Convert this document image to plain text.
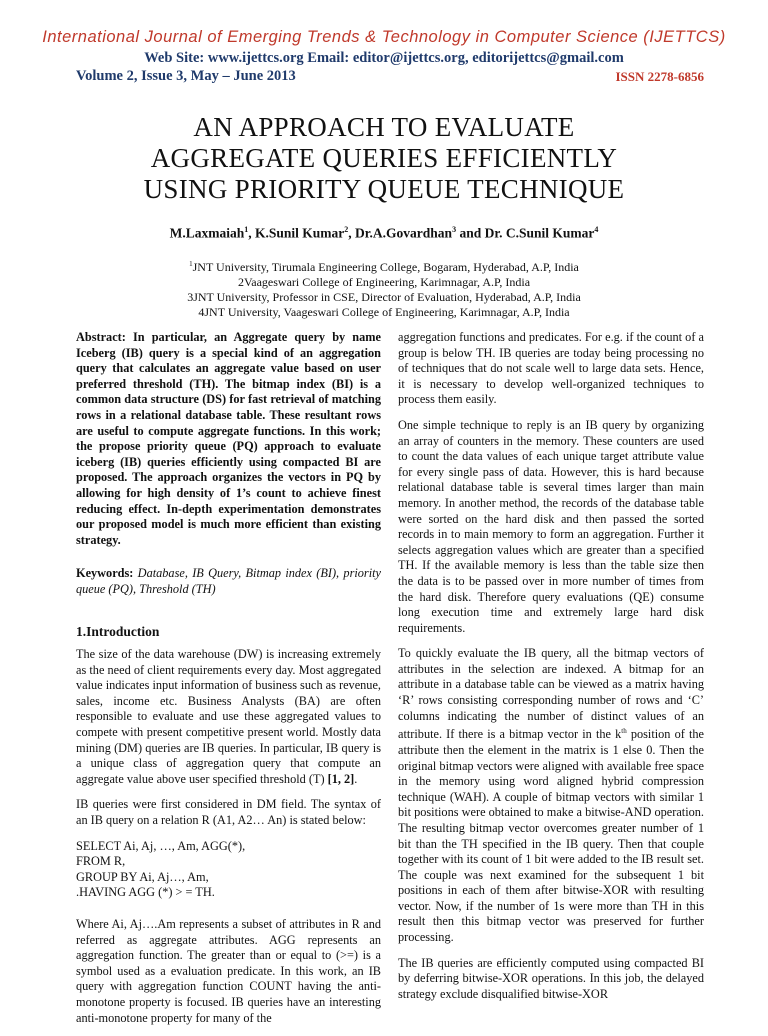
International Journal of Emerging Trends & Technology in Computer Science (IJETTCS)
Web Site: www.ijettcs.org Email: editor@ijettcs.org, editorijettcs@gmail.com
Volume 2, Issue 3, May – June 2013	ISSN 2278-6856
AN APPROACH TO EVALUATE
AGGREGATE QUERIES EFFICIENTLY
USING PRIORITY QUEUE TECHNIQUE
M.Laxmaiah$^1$, K.Sunil Kumar$^2$, Dr.A.Govardhan$^3$ and Dr. C.Sunil Kumar$^4$
$^1$JNT University, Tirumala Engineering College, Bogaram, Hyderabad, A.P, India
2Vaageswari College of Engineering, Karimnagar, A.P, India
3JNT University, Professor in CSE, Director of Evaluation, Hyderabad, A.P, India
4JNT University, Vaageswari College of Engineering, Karimnagar, A.P, India

Abstract: In particular, an Aggregate query by name Iceberg (IB) query is a special kind of an aggregation query that calculates an aggregate value based on user preferred threshold (TH). The bitmap index (BI) is a common data structure (DS) for fast retrieval of matching rows in a relational database table. These resultant rows are useful to compute aggregate functions. In this work; the propose priority queue (PQ) approach to evaluate iceberg (IB) queries efficiently using compacted BI are proposed. The approach organizes the vectors in PQ by allowing for high density of 1’s count to achieve finest reducing effect. In-depth experimentation demonstrates our proposed model is much more efficient than existing strategy.

Keywords: Database, IB Query, Bitmap index (BI), priority queue (PQ), Threshold (TH)

1.Introduction

The size of the data warehouse (DW) is increasing extremely as the need of client requirements every day. Most aggregated value indicates input information of business such as revenue, sales, income etc. Business Analysts (BA) are often responsible to evaluate and use these aggregated values to compete with present competitive present world. Mostly data mining (DM) queries are IB queries. In particular, IB query is a unique class of aggregation query that compute an aggregate value above user specified threshold (T) [1, 2].

IB queries were first considered in DM field. The syntax of an IB query on a relation R (A1, A2… An) is stated below:

SELECT Ai, Aj, …, Am, AGG(*),
FROM R,
GROUP BY Ai, Aj…, Am,
.HAVING AGG (*) > = TH.

Where Ai, Aj….Am represents a subset of attributes in R and referred as aggregate attributes. AGG represents an aggregation function. The greater than or equal to (>=) is a symbol used as a evaluation predicate. In this work, an IB query with aggregation function COUNT having the anti-monotone property is focused. IB queries have an interesting anti-monotone property for many of the

aggregation functions and predicates. For e.g. if the count of a group is below TH. IB queries are today being processing no of techniques that do not scale well to large data sets. Hence, it is necessary to develop well-organized techniques to process them easily.

One simple technique to reply is an IB query by organizing an array of counters in the memory. These counters are used to count the data values of each unique target attribute value for every single pass of data. However, this is hard because relational database table is several times larger than main memory. In another method, the records of the database table were sorted on the hard disk and then passed the sorted records in to main memory to form an aggregation. Further it selects aggregation values which are greater than a specified TH. If the available memory is less than the table size then the data is to be passed over in more number of times from the hard disk. Therefore query evaluations (QE) consume long execution time and extremely large hard disk requirements.

To quickly evaluate the IB query, all the bitmap vectors of attributes in the selection are indexed. A bitmap for an attribute in a database table can be viewed as a matrix having ‘R’ rows consisting corresponding number of rows and ‘C’ columns indicating the number of distinct values of an attribute. If there is a bitmap vector in the $k^{th}$ position of the attribute then the element in the matrix is 1 else 0. Then the original bitmap vectors were aligned with available free space in the memory using word aligned hybrid compression technique (WAH). A couple of bitmap vectors with similar 1 bit positions were obtained to make a bitwise-AND operation. The resulting bitmap vector overcomes greater number of 1 bit than the TH specified in the IB query. Then that couple together with its count of 1 bit were added to the IB result set. The couple was next examined for the subsequent 1 bit positions in each of them after bitwise-XOR with resulting vector. Now, if the number of 1s were more than TH in this result then this bitmap vector was preserved for further processing.

The IB queries are efficiently computed using compacted BI by deferring bitwise-XOR operations. In this job, the delayed strategy exclude disqualified bitwise-XOR
